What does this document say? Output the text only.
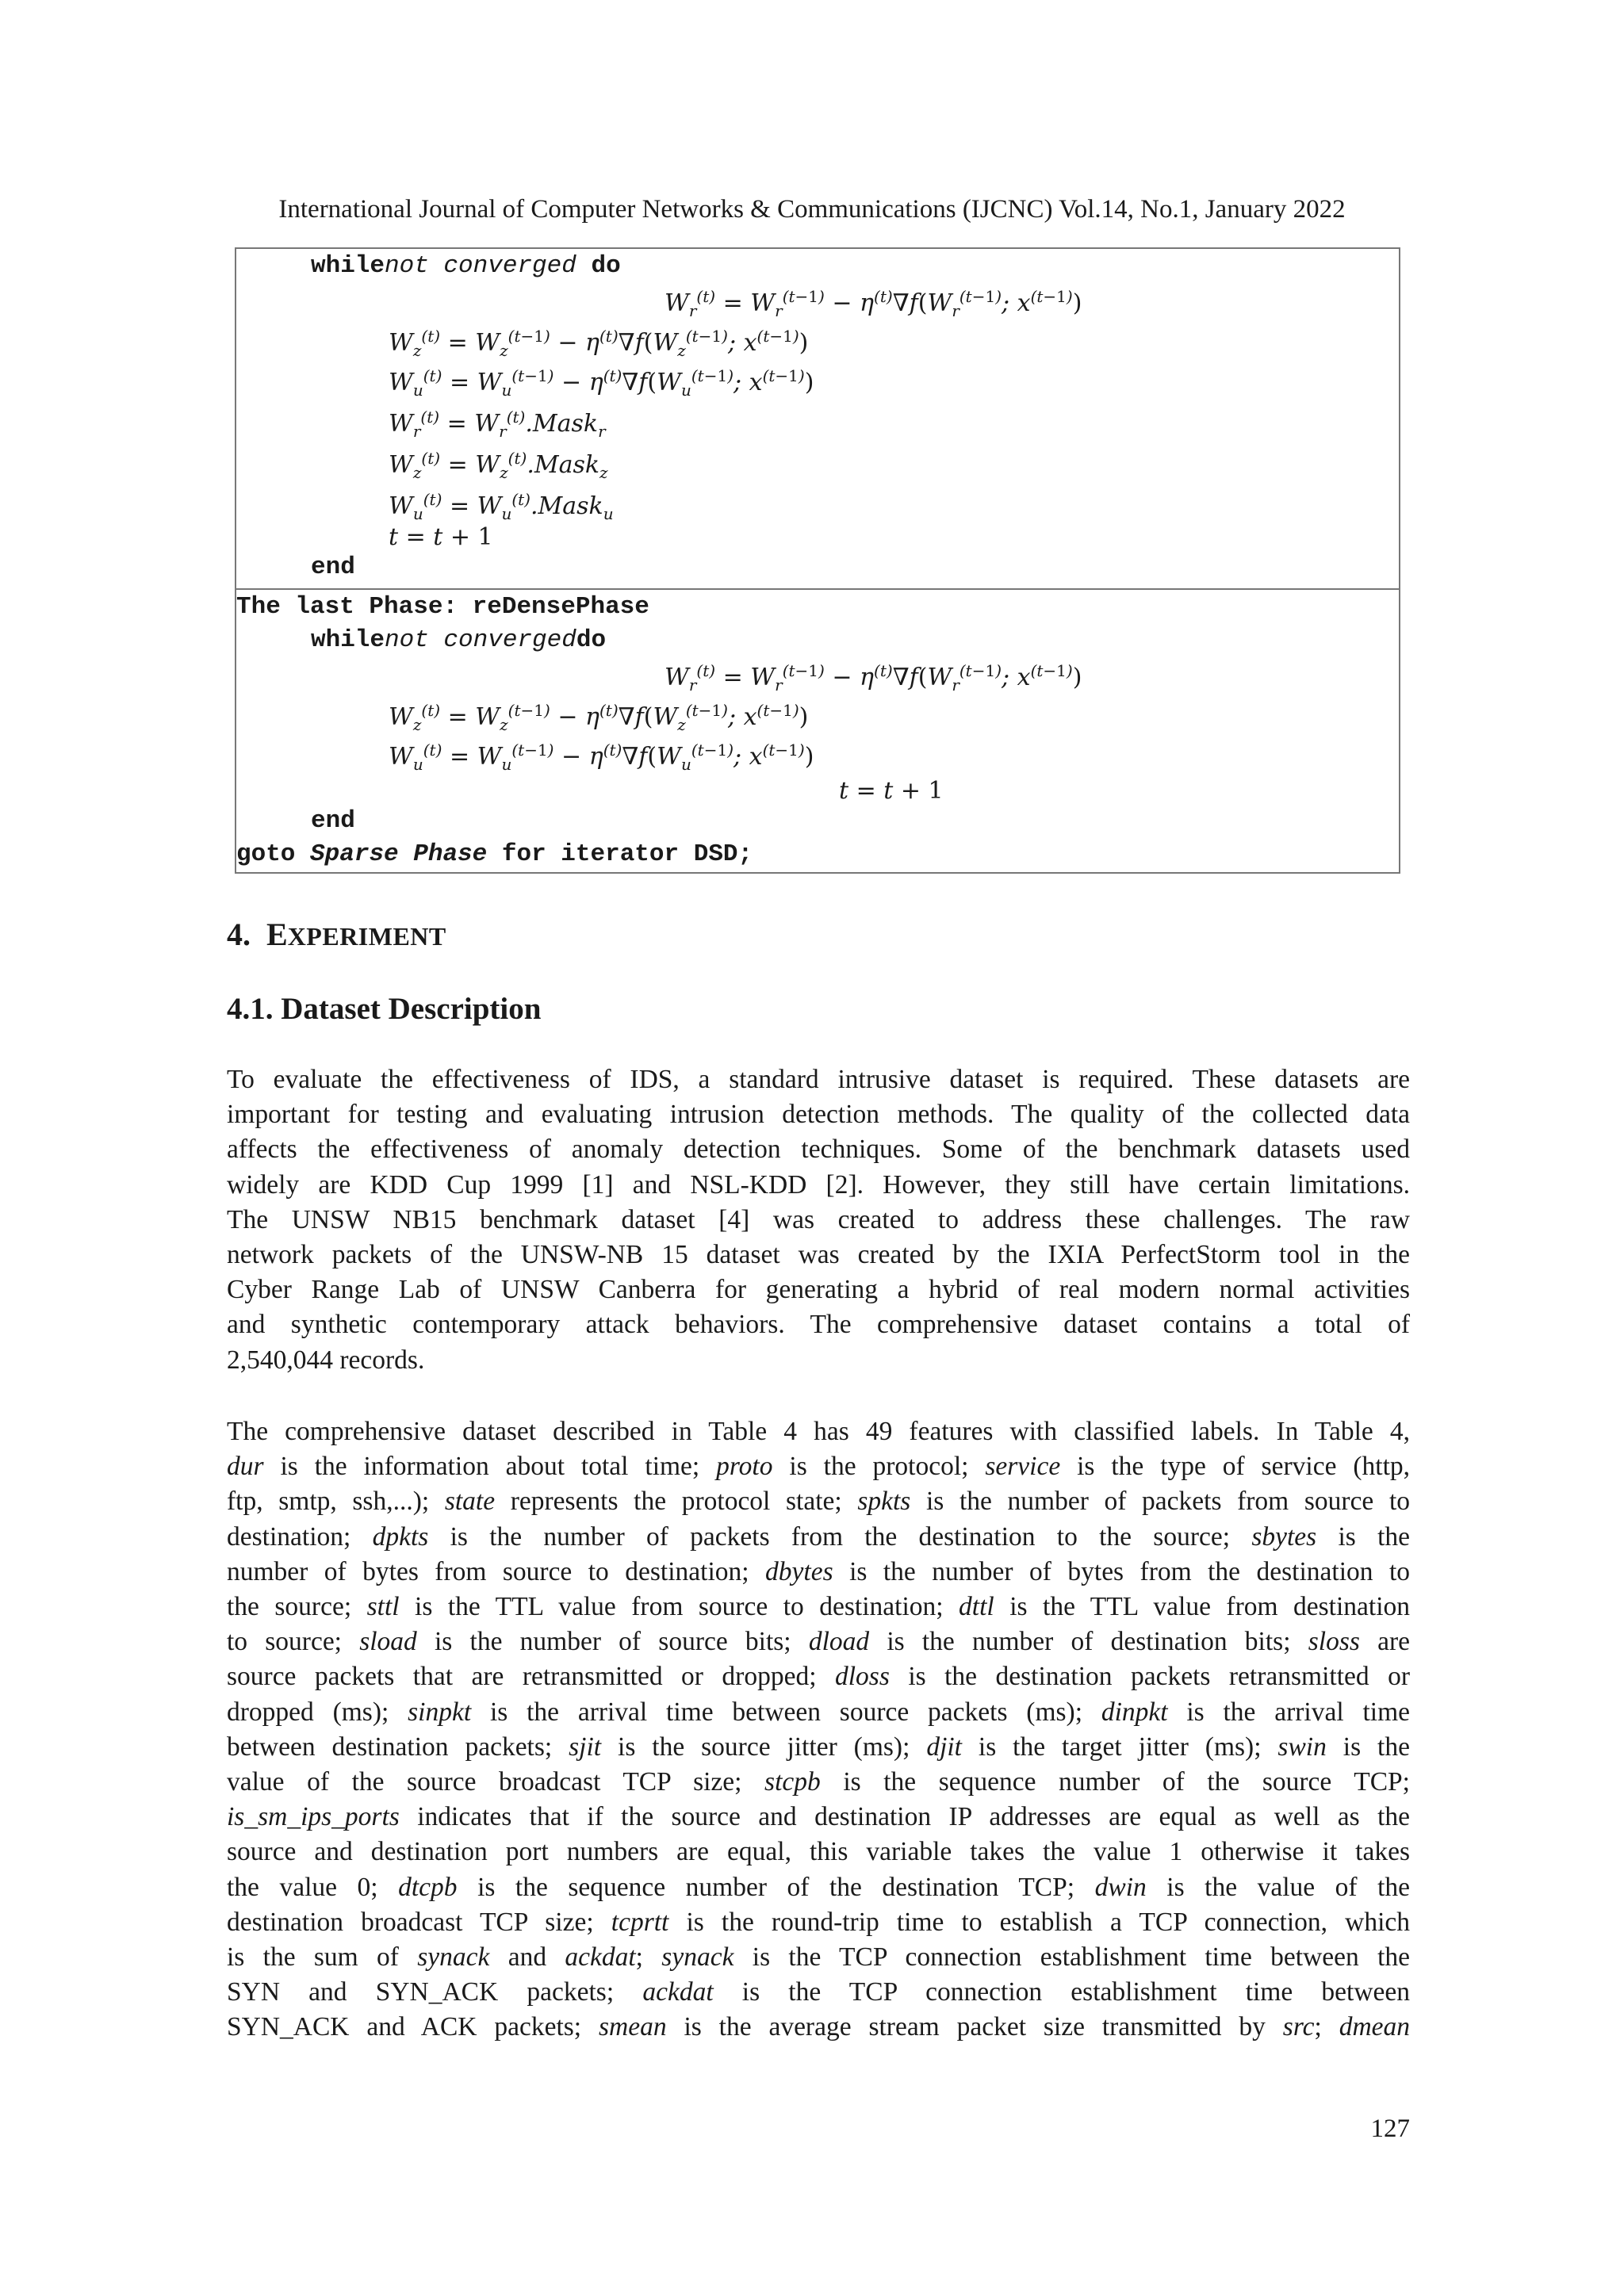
International Journal of Computer Networks & Communications (IJCNC) Vol.14, No.1, January 2022
whilenot converged do
$W_r^{(t)} = W_r^{(t-1)} - \eta^{(t)}\nabla f(W_r^{(t-1)}$; $x^{(t-1)}$)
$W_z^{(t)} = W_z^{(t-1)} - \eta^{(t)}\nabla f(W_z^{(t-1)}$; $x^{(t-1)}$)
$W_u^{(t)} = W_u^{(t-1)} - \eta^{(t)}\nabla f(W_u^{(t-1)}$; $x^{(t-1)}$)
$W_r^{(t)}$ = $W_r^{(t)}.Mask_r$
$W_z^{(t)}$ = $W_z^{(t)}.Mask_z$
$W_u^{(t)}$ = $W_u^{(t)}.Mask_u$
t = t + 1
end
The last Phase: reDensePhase
whilenot convergeddo
$W_r^{(t)} = W_r^{(t-1)} - \eta^{(t)}\nabla f(W_r^{(t-1)}$; $x^{(t-1)}$)
$W_z^{(t)} = W_z^{(t-1)} - \eta^{(t)}\nabla f(W_z^{(t-1)}$; $x^{(t-1)}$)
$W_u^{(t)} = W_u^{(t-1)} - \eta^{(t)}\nabla f(W_u^{(t-1)}$; $x^{(t-1)}$)
t = t + 1
end
goto Sparse Phase for iterator DSD;
4. EXPERIMENT
4.1. Dataset Description
To evaluate the effectiveness of IDS, a standard intrusive dataset is required. These datasets are
important for testing and evaluating intrusion detection methods. The quality of the collected data
affects the effectiveness of anomaly detection techniques. Some of the benchmark datasets used
widely are KDD Cup 1999 [1] and NSL-KDD [2]. However, they still have certain limitations.
The UNSW NB15 benchmark dataset [4] was created to address these challenges. The raw
network packets of the UNSW-NB 15 dataset was created by the IXIA PerfectStorm tool in the
Cyber Range Lab of UNSW Canberra for generating a hybrid of real modern normal activities
and synthetic contemporary attack behaviors. The comprehensive dataset contains a total of
2,540,044 records.
The comprehensive dataset described in Table 4 has 49 features with classified labels. In Table 4,
dur is the information about total time; proto is the protocol; service is the type of service (http,
ftp, smtp, ssh,...); state represents the protocol state; spkts is the number of packets from source to
destination; dpkts is the number of packets from the destination to the source; sbytes is the
number of bytes from source to destination; dbytes is the number of bytes from the destination to
the source; sttl is the TTL value from source to destination; dttl is the TTL value from destination
to source; sload is the number of source bits; dload is the number of destination bits; sloss are
source packets that are retransmitted or dropped; dloss is the destination packets retransmitted or
dropped (ms); sinpkt is the arrival time between source packets (ms); dinpkt is the arrival time
between destination packets; sjit is the source jitter (ms); djit is the target jitter (ms); swin is the
value of the source broadcast TCP size; stcpb is the sequence number of the source TCP;
is_sm_ips_ports indicates that if the source and destination IP addresses are equal as well as the
source and destination port numbers are equal, this variable takes the value 1 otherwise it takes
the value 0; dtcpb is the sequence number of the destination TCP; dwin is the value of the
destination broadcast TCP size; tcprtt is the round-trip time to establish a TCP connection, which
is the sum of synack and ackdat; synack is the TCP connection establishment time between the
SYN and SYN_ACK packets; ackdat is the TCP connection establishment time between
SYN_ACK and ACK packets; smean is the average stream packet size transmitted by src; dmean
127
